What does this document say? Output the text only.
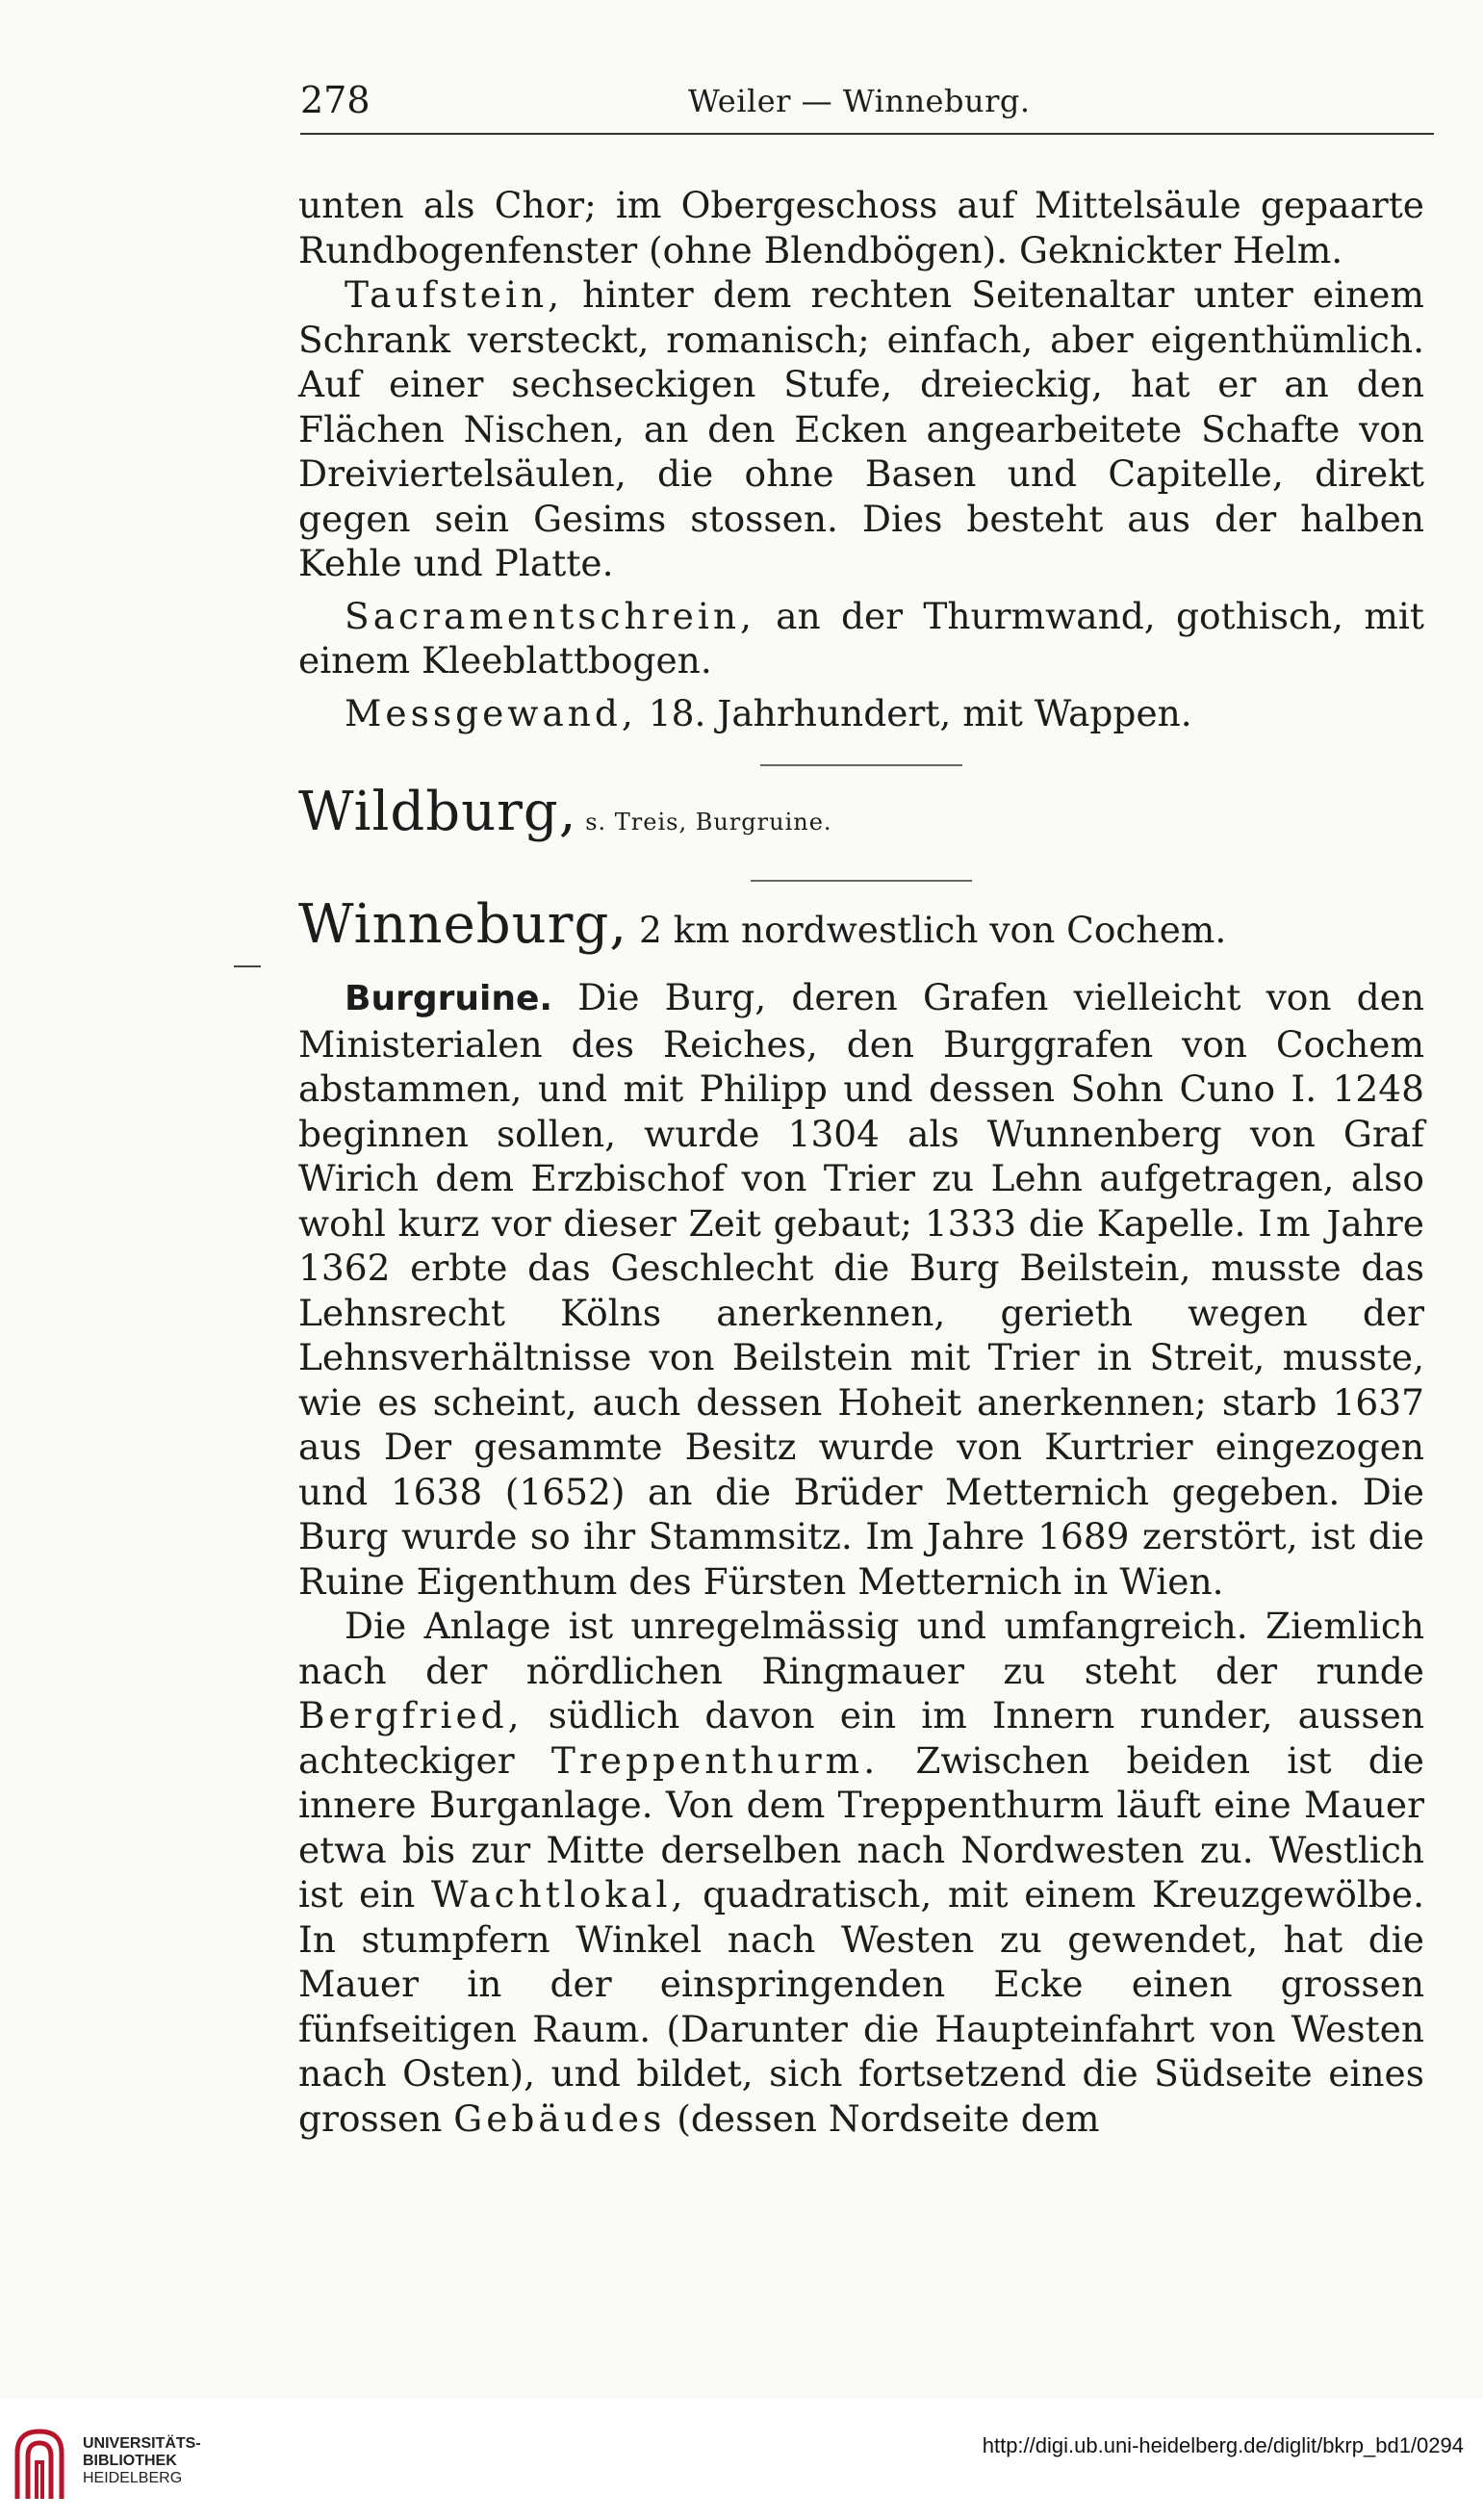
278	Weiler — Winneburg.

unten als Chor; im Obergeschoss auf Mittelsäule gepaarte Rundbogenfenster (ohne Blendbögen). Geknickter Helm.

Taufstein, hinter dem rechten Seitenaltar unter einem Schrank versteckt, romanisch; einfach, aber eigenthümlich. Auf einer sechseckigen Stufe, dreieckig, hat er an den Flächen Nischen, an den Ecken angearbeitete Schafte von Dreiviertelsäulen, die ohne Basen und Capitelle, direkt gegen sein Gesims stossen. Dies besteht aus der halben Kehle und Platte.

Sacramentschrein, an der Thurmwand, gothisch, mit einem Kleeblattbogen.

Messgewand, 18. Jahrhundert, mit Wappen.

Wildburg, s. Treis, Burgruine.

Winneburg, 2 km nordwestlich von Cochem.

Burgruine. Die Burg, deren Grafen vielleicht von den Ministerialen des Reiches, den Burggrafen von Cochem abstammen, und mit Philipp und dessen Sohn Cuno I. 1248 beginnen sollen, wurde 1304 als Wunnenberg von Graf Wirich dem Erzbischof von Trier zu Lehn aufgetragen, also wohl kurz vor dieser Zeit gebaut; 1333 die Kapelle. Im Jahre 1362 erbte das Geschlecht die Burg Beilstein, musste das Lehnsrecht Kölns anerkennen, gerieth wegen der Lehnsverhältnisse von Beilstein mit Trier in Streit, musste, wie es scheint, auch dessen Hoheit anerkennen; starb 1637 aus Der gesammte Besitz wurde von Kurtrier eingezogen und 1638 (1652) an die Brüder Metternich gegeben. Die Burg wurde so ihr Stammsitz. Im Jahre 1689 zerstört, ist die Ruine Eigenthum des Fürsten Metternich in Wien.

Die Anlage ist unregelmässig und umfangreich. Ziemlich nach der nördlichen Ringmauer zu steht der runde Bergfried, südlich davon ein im Innern runder, aussen achteckiger Treppenthurm. Zwischen beiden ist die innere Burganlage. Von dem Treppenthurm läuft eine Mauer etwa bis zur Mitte derselben nach Nordwesten zu. Westlich ist ein Wachtlokal, quadratisch, mit einem Kreuzgewölbe. In stumpfern Winkel nach Westen zu gewendet, hat die Mauer in der einspringenden Ecke einen grossen fünfseitigen Raum. (Darunter die Haupteinfahrt von Westen nach Osten), und bildet, sich fortsetzend die Südseite eines grossen Gebäudes (dessen Nordseite dem

UNIVERSITÄTS-
BIBLIOTHEK
HEIDELBERG
http://digi.ub.uni-heidelberg.de/diglit/bkrp_bd1/0294
